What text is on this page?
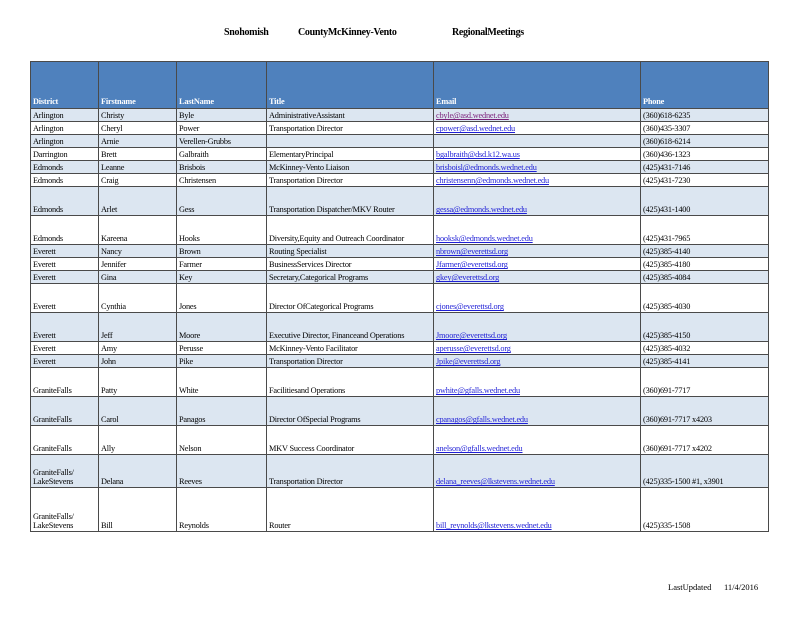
Snohomish	CountyMcKinney-Vento	RegionalMeetings
District	Firstname	LastName	Title	Email	Phone
Arlington	Christy	Byle	AdministrativeAssistant	cbyle@asd.wednet.edu	(360)618-6235
Arlington	Cheryl	Power	Transportation Director	cpower@asd.wednet.edu	(360)435-3307
Arlington	Arnie	Verellen-Grubbs			(360)618-6214
Darrington	Brett	Galbraith	ElementaryPrincipal	bgalbraith@dsd.k12.wa.us	(360)436-1323
Edmonds	Leanne	Brisbois	McKinney-Vento Liaison	brisboisl@edmonds.wednet.edu	(425)431-7146
Edmonds	Craig	Christensen	Transportation Director	christensenn@edmonds.wednet.edu	(425)431-7230
Edmonds	Arlet	Gess	Transportation Dispatcher/MKV Router	gessa@edmonds.wednet.edu	(425)431-1400
Edmonds	Kareena	Hooks	Diversity,Equity and Outreach Coordinator	hooksk@edmonds.wednet.edu	(425)431-7965
Everett	Nancy	Brown	Routing Specialist	nbrown@everettsd.org	(425)385-4140
Everett	Jennifer	Farmer	BusinessServices Director	Jfarmer@everettsd.org	(425)385-4180
Everett	Gina	Key	Secretary,Categorical Programs	gkey@everettsd.org	(425)385-4084
Everett	Cynthia	Jones	Director OfCategorical Programs	cjones@everettsd.org	(425)385-4030
Everett	Jeff	Moore	Executive Director, Financeand Operations	Jmoore@everettsd.org	(425)385-4150
Everett	Amy	Perusse	McKinney-Vento Facilitator	aperusse@everettsd.org	(425)385-4032
Everett	John	Pike	Transportation Director	Jpike@everettsd.org	(425)385-4141
GraniteFalls	Patty	White	Facilitiesand Operations	pwhite@gfalls.wednet.edu	(360)691-7717
GraniteFalls	Carol	Panagos	Director OfSpecial Programs	cpanagos@gfalls.wednet.edu	(360)691-7717 x4203
GraniteFalls	Ally	Nelson	MKV Success Coordinator	anelson@gfalls.wednet.edu	(360)691-7717 x4202
GraniteFalls/ LakeStevens	Delana	Reeves	Transportation Director	delana_reeves@lkstevens.wednet.edu	(425)335-1500 #1, x3901
GraniteFalls/ LakeStevens	Bill	Reynolds	Router	bill_reynolds@lkstevens.wednet.edu	(425)335-1508
LastUpdated 11/4/2016
